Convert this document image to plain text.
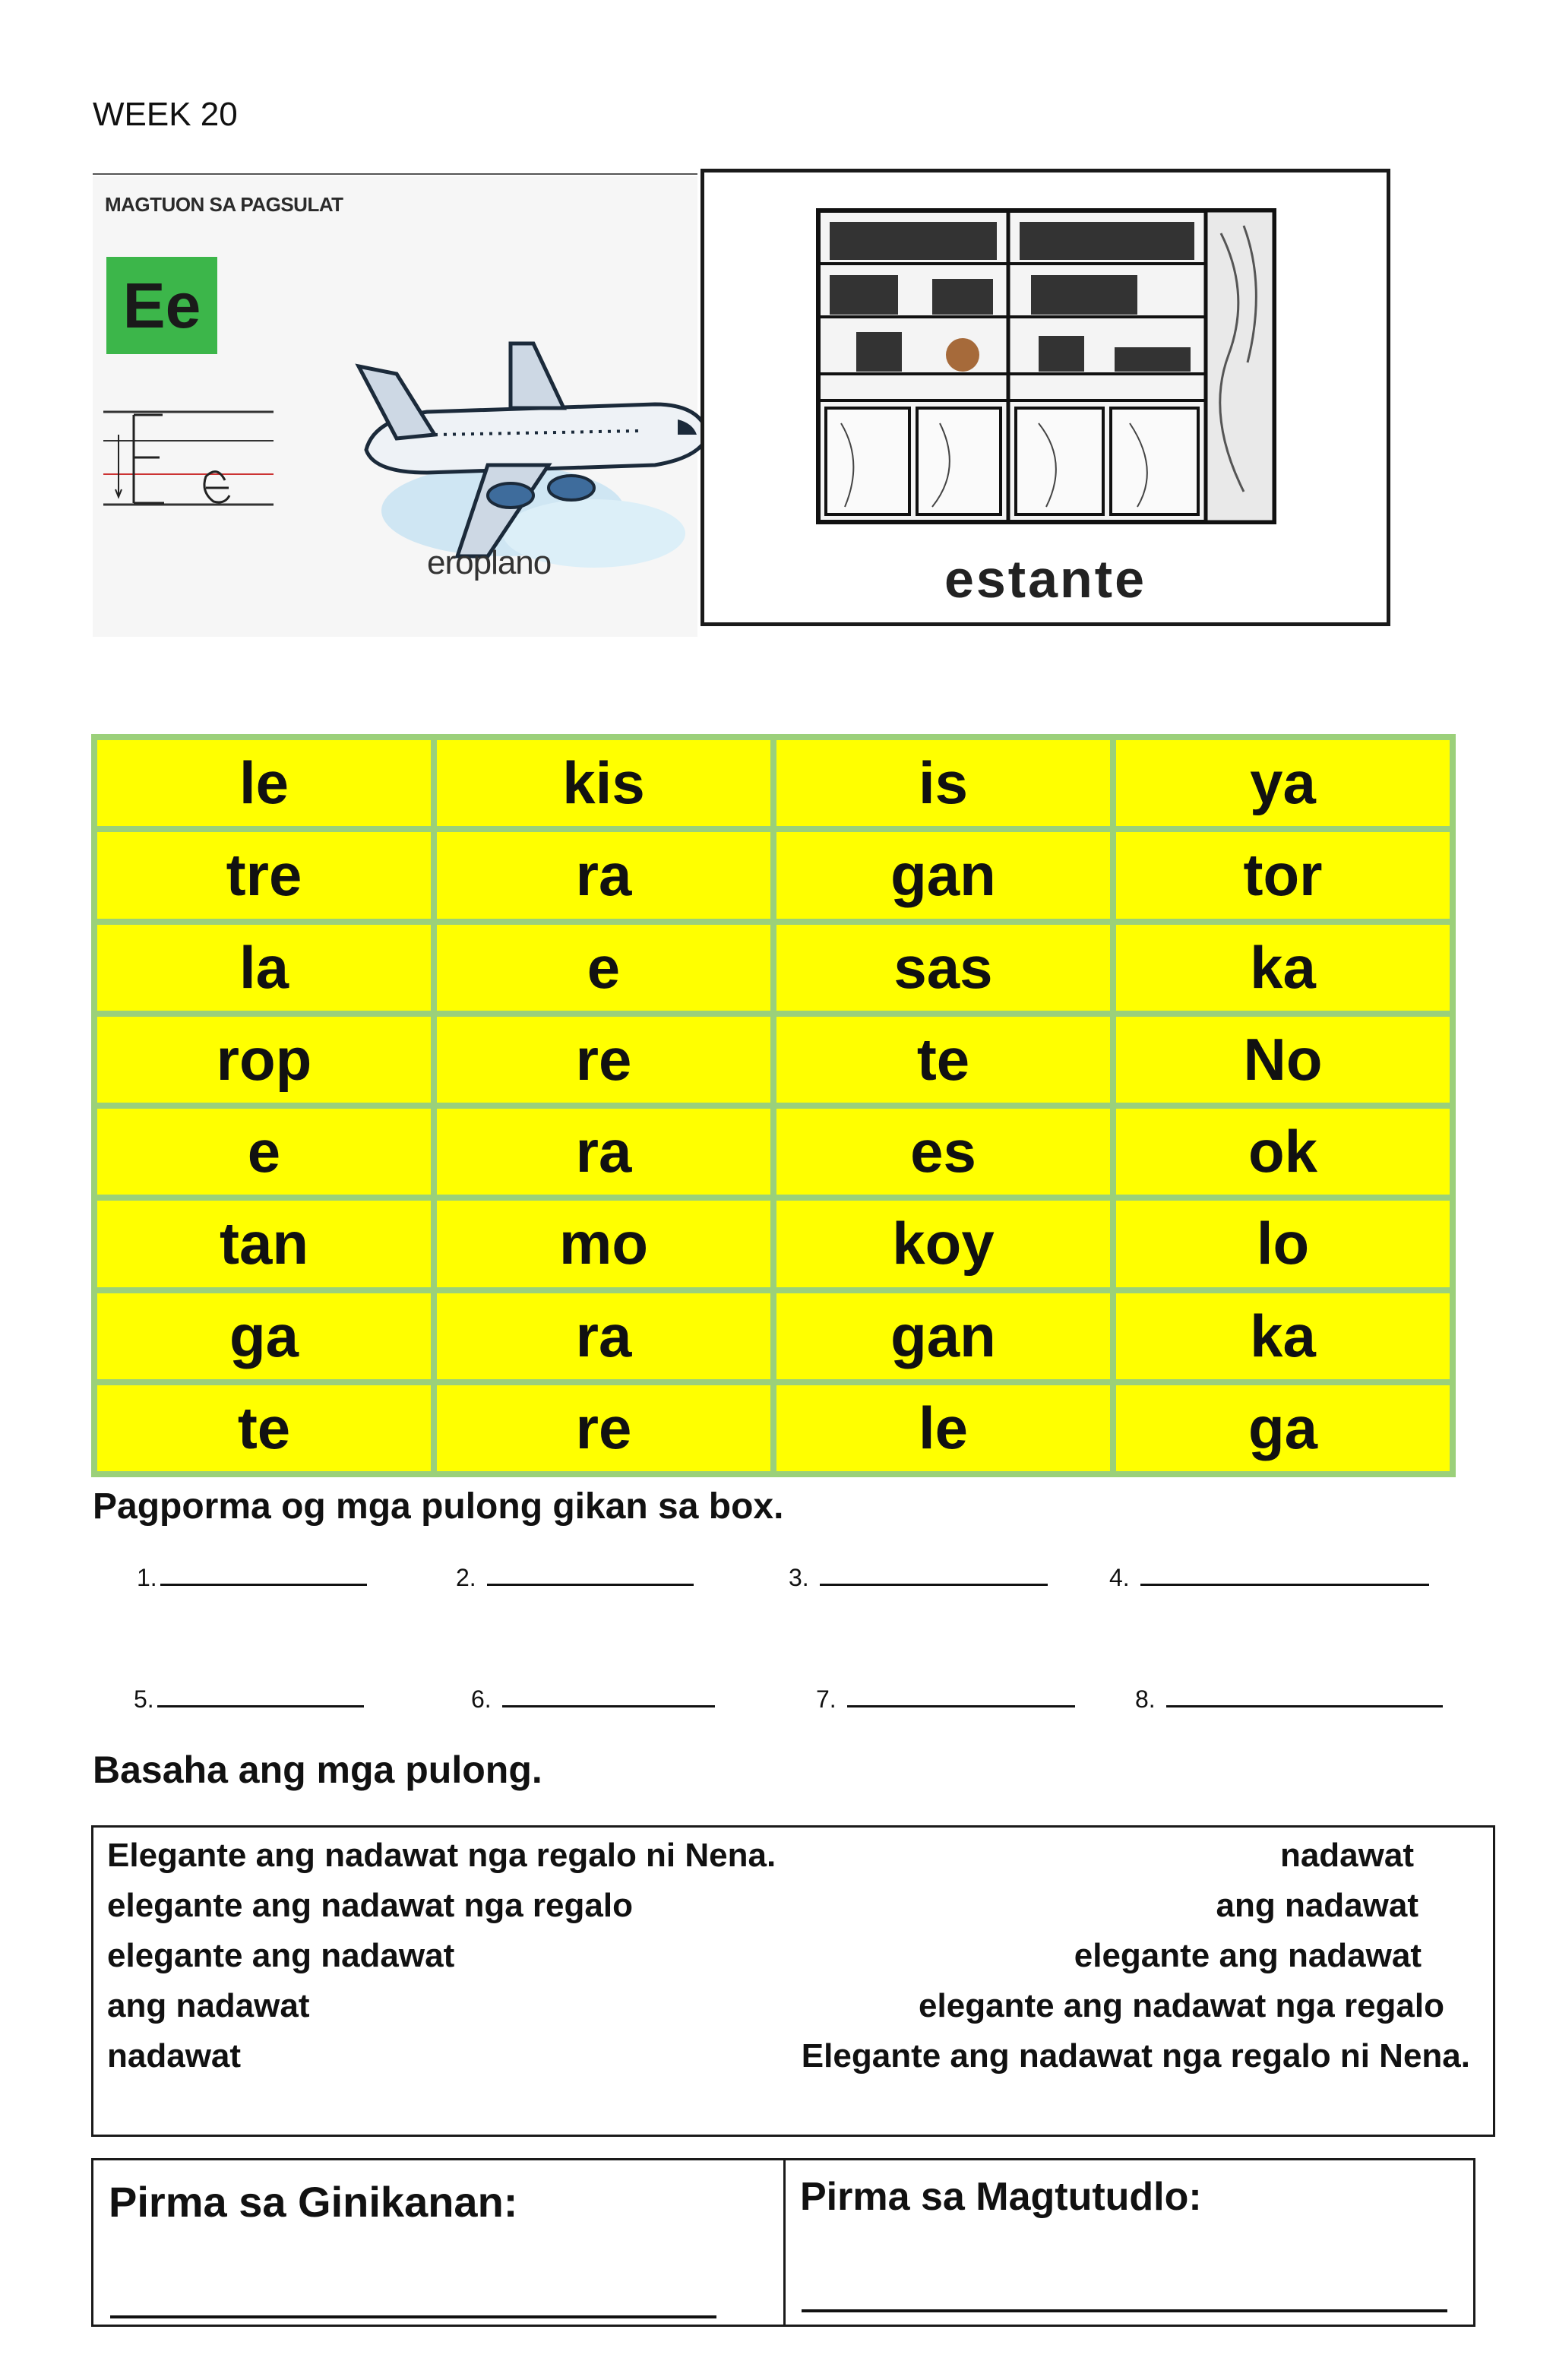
WEEK 20
MAGTUON SA PAGSULAT
Ee
eroplano	estante
le	kis	is	ya
tre	ra	gan	tor
la	e	sas	ka
rop	re	te	No
e	ra	es	ok
tan	mo	koy	lo
ga	ra	gan	ka
te	re	le	ga
Pagporma og mga pulong gikan sa box.
1.	2.	3.	4.
5.	6.	7.	8.
Basaha ang mga pulong.
Elegante ang nadawat nga regalo ni Nena.
elegante ang nadawat nga regalo
elegante ang nadawat
ang nadawat
nadawat
nadawat
ang nadawat
elegante ang nadawat
elegante ang nadawat nga regalo
Elegante ang nadawat nga regalo ni Nena.
Pirma sa Ginikanan:	Pirma sa Magtutudlo:
